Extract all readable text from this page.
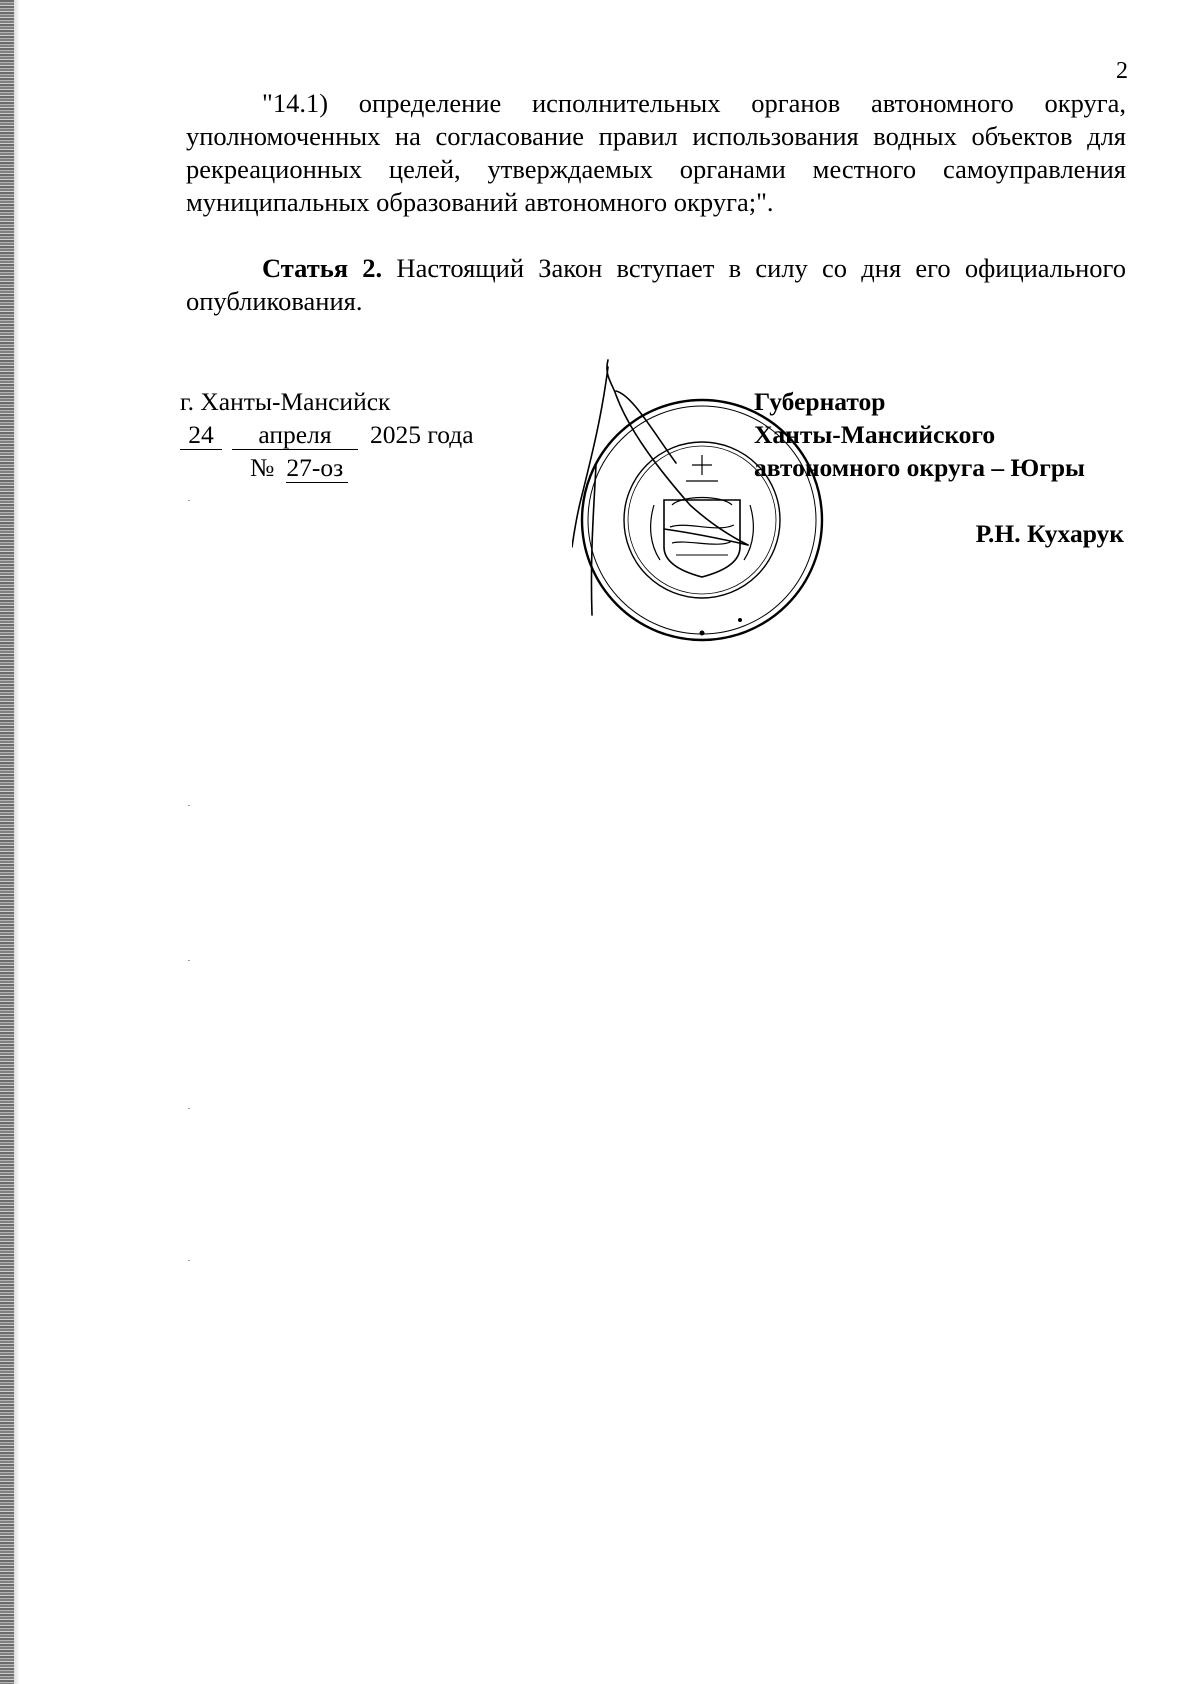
2

"14.1) определение исполнительных органов автономного округа, уполномоченных на согласование правил использования водных объектов для рекреационных целей, утверждаемых органами местного самоуправления муниципальных образований автономного округа;".

Статья 2. Настоящий Закон вступает в силу со дня его официального опубликования.

г. Ханты-Мансийск
24 апреля 2025 года
№ 27-оз
Губернатор
Ханты-Мансийского
автономного округа – Югры
Р.Н. Кухарук
